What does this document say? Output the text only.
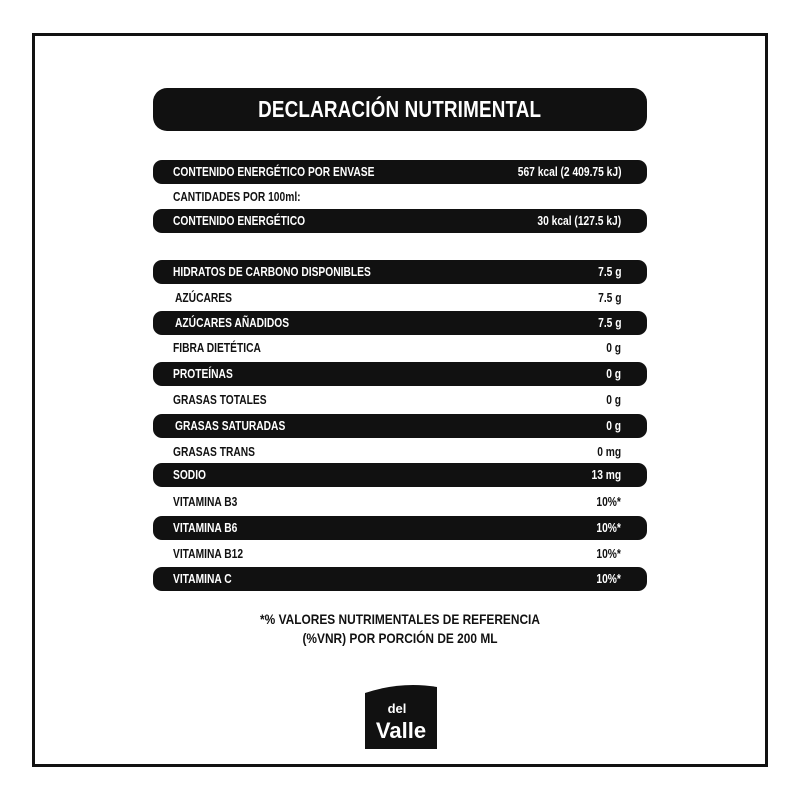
DECLARACIÓN NUTRIMENTAL
CONTENIDO ENERGÉTICO POR ENVASE	567 kcal (2 409.75 kJ)
CANTIDADES POR 100ml:
CONTENIDO ENERGÉTICO	30 kcal (127.5 kJ)
HIDRATOS DE CARBONO DISPONIBLES	7.5 g
AZÚCARES	7.5 g
AZÚCARES AÑADIDOS	7.5 g
FIBRA DIETÉTICA	0 g
PROTEÍNAS	0 g
GRASAS TOTALES	0 g
GRASAS SATURADAS	0 g
GRASAS TRANS	0 mg
SODIO	13 mg
VITAMINA B3	10%*
VITAMINA B6	10%*
VITAMINA B12	10%*
VITAMINA C	10%*
*% VALORES NUTRIMENTALES DE REFERENCIA
(%VNR) POR PORCIÓN DE 200 ML
del
Valle
